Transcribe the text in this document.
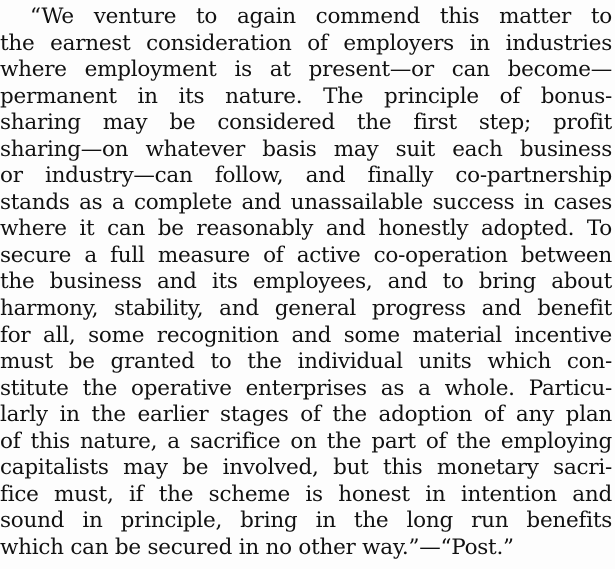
“We venture to again commend this matter to
the earnest consideration of employers in industries
where employment is at present—or can become—
permanent in its nature. The principle of bonus-
sharing may be considered the first step; profit
sharing—on whatever basis may suit each business
or industry—can follow, and finally co-partnership
stands as a complete and unassailable success in cases
where it can be reasonably and honestly adopted. To
secure a full measure of active co-operation between
the business and its employees, and to bring about
harmony, stability, and general progress and benefit
for all, some recognition and some material incentive
must be granted to the individual units which con-
stitute the operative enterprises as a whole. Particu-
larly in the earlier stages of the adoption of any plan
of this nature, a sacrifice on the part of the employing
capitalists may be involved, but this monetary sacri-
fice must, if the scheme is honest in intention and
sound in principle, bring in the long run benefits
which can be secured in no other way.”—“Post.”
